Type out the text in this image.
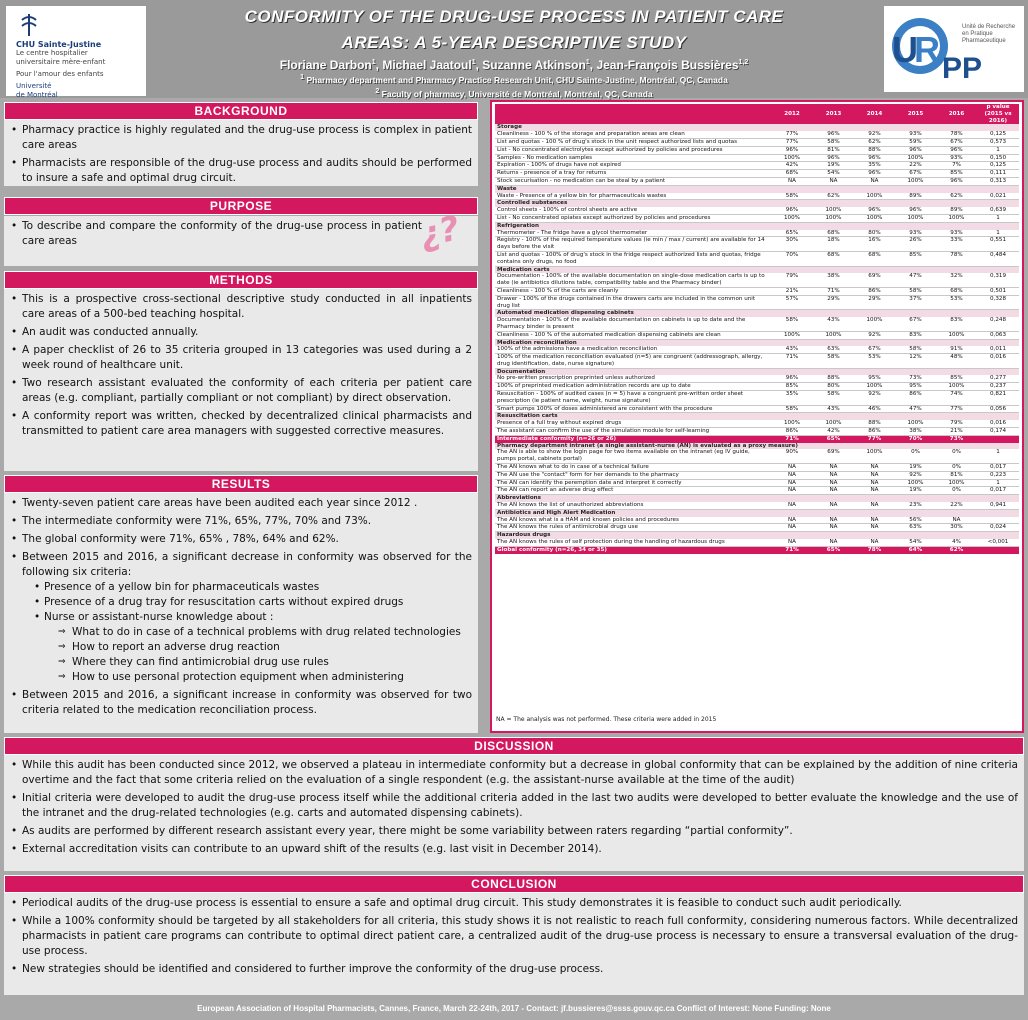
CHU Sainte-Justine
Le centre hospitalier
universitaire mère-enfant
Pour l'amour des enfants
Université
de Montréal
CONFORMITY OF THE DRUG-USE PROCESS IN PATIENT CARE
AREAS: A 5-YEAR DESCRIPTIVE STUDY
Floriane Darbon$^1$, Michael Jaatoul$^1$, Suzanne Atkinson$^1$, Jean-François Bussières$^{1,2}$
$^1$ Pharmacy department and Pharmacy Practice Research Unit, CHU Sainte-Justine, Montréal, QC, Canada
$^2$ Faculty of pharmacy, Université de Montréal, Montréal, QC, Canada
U
R PP
Unité de Recherche
en Pratique
Pharmaceutique
BACKGROUND
• Pharmacy practice is highly regulated and the drug-use process is complex in patient care areas
• Pharmacists are responsible of the drug-use process and audits should be performed to insure a safe and optimal drug circuit.
PURPOSE
• To describe and compare the conformity of the drug-use process in patient care areas	¿?
METHODS
• This is a prospective cross-sectional descriptive study conducted in all inpatients care areas of a 500-bed teaching hospital.
• An audit was conducted annually.
• A paper checklist of 26 to 35 criteria grouped in 13 categories was used during a 2 week round of healthcare unit.
• Two research assistant evaluated the conformity of each criteria per patient care areas (e.g. compliant, partially compliant or not compliant) by direct observation.
• A conformity report was written, checked by decentralized clinical pharmacists and transmitted to patient care area managers with suggested corrective measures.
RESULTS
• Twenty-seven patient care areas have been audited each year since 2012 .
• The intermediate conformity were 71%, 65%, 77%, 70% and 73%.
• The global conformity were 71%, 65% , 78%, 64% and 62%.
• Between 2015 and 2016, a significant decrease in conformity was observed for the following six criteria:
• Presence of a yellow bin for pharmaceuticals wastes
• Presence of a drug tray for resuscitation carts without expired drugs
• Nurse or assistant-nurse knowledge about :
⇒ What to do in case of a technical problems with drug related technologies
⇒ How to report an adverse drug reaction
⇒ Where they can find antimicrobial drug use rules
⇒ How to use personal protection equipment when administering
• Between 2015 and 2016, a significant increase in conformity was observed for two criteria related to the medication reconciliation process.
	2012	2013	2014	2015	2016	p value (2015 vs 2016)
Storage						
Cleanliness - 100 % of the storage and preparation areas are clean	77%	96%	92%	93%	78%	0,125
List and quotas - 100 % of drug's stock in the unit respect authorized lists and quotas	77%	58%	62%	59%	67%	0,573
List - No concentrated electrolytes except authorized by policies and procedures	96%	81%	88%	96%	96%	1
Samples - No medication samples	100%	96%	96%	100%	93%	0,150
Expiration - 100% of drugs have not expired	42%	19%	35%	22%	7%	0,125
Returns - presence of a tray for returns	68%	54%	96%	67%	85%	0,111
Stock securisation - no medication can be steal by a patient	NA	NA	NA	100%	96%	0,313
Waste						
Waste - Presence of a yellow bin for pharmaceuticals wastes	58%	62%	100%	89%	62%	0,021
Controlled substances						
Control sheets - 100% of control sheets are active	96%	100%	96%	96%	89%	0,639
List - No concentrated opiates except authorized by policies and procedures	100%	100%	100%	100%	100%	1
Refrigeration						
Thermometer - The fridge have a glycol thermometer	65%	68%	80%	93%	93%	1
Registry - 100% of the required temperature values (ie min / max / current) are available for 14 days before the visit	30%	18%	16%	26%	33%	0,551
List and quotas - 100% of drug's stock in the fridge respect authorized lists and quotas, fridge contains only drugs, no food	70%	68%	68%	85%	78%	0,484
Medication carts						
Documentation - 100% of the available documentation on single-dose medication carts is up to date (ie antibiotics dilutions table, compatibility table and the Pharmacy binder)	79%	38%	69%	47%	32%	0,319
Cleanliness - 100 % of the carts are cleanly	21%	71%	86%	58%	68%	0,501
Drawer - 100% of the drugs contained in the drawers carts are included in the common unit drug list	57%	29%	29%	37%	53%	0,328
Automated medication dispensing cabinets						
Documentation - 100% of the available documentation on cabinets is up to date and the Pharmacy binder is present	58%	43%	100%	67%	83%	0,248
Cleanliness - 100 % of the automated medication dispensing cabinets are clean	100%	100%	92%	83%	100%	0,063
Medication reconciliation						
100% of the admissions have a medication reconciliation	43%	63%	67%	58%	91%	0,011
100% of the medication reconciliation evaluated (n=5) are congruent (addressograph, allergy, drug identification, date, nurse signature)	71%	58%	53%	12%	48%	0,016
Documentation						
No pre-written prescription preprinted unless authorized	96%	88%	95%	73%	85%	0,277
100% of preprinted medication administration records are up to date	85%	80%	100%	95%	100%	0,237
Resuscitation - 100% of audited cases (n = 5) have a congruent pre-written order sheet prescription (ie patient name, weight, nurse signature)	35%	58%	92%	86%	74%	0,821
Smart pumps 100% of doses administered are consistent with the procedure	58%	43%	46%	47%	77%	0,056
Resuscitation carts						
Presence of a full tray without expired drugs	100%	100%	88%	100%	79%	0,016
The assistant can confirm the use of the simulation module for self-learning	86%	42%	86%	38%	21%	0,174
Intermediate conformity (n=26 or 26)	71%	65%	77%	70%	73%	
Pharmacy department intranet (a single assistant-nurse (AN) is evaluated as a proxy measure)						
The AN is able to show the login page for two items available on the intranet (eg IV guide, pumps portal, cabinets portal)	90%	69%	100%	0%	0%	1
The AN knows what to do in case of a technical failure	NA	NA	NA	19%	0%	0,017
The AN use the "contact" form for her demands to the pharmacy	NA	NA	NA	92%	81%	0,223
The AN can identify the peremption date and interpret it correctly	NA	NA	NA	100%	100%	1
The AN can report an adverse drug effect	NA	NA	NA	19%	0%	0,017
Abbreviations						
The AN knows the list of unauthorized abbreviations	NA	NA	NA	23%	22%	0,941
Antibiotics and High Alert Medication						
The AN knows what is a HAM and known policies and procedures	NA	NA	NA	56%	NA	
The AN knows the rules of antimicrobial drugs use	NA	NA	NA	63%	30%	0,024
Hazardous drugs						
The AN knows the rules of self protection during the handling of hazardous drugs	NA	NA	NA	54%	4%	<0,001
Global conformity (n=26, 34 or 35)	71%	65%	78%	64%	62%	
NA = The analysis was not performed. These criteria were added in 2015
DISCUSSION
• While this audit has been conducted since 2012, we observed a plateau in intermediate conformity but a decrease in global conformity that can be explained by the addition of nine criteria overtime and the fact that some criteria relied on the evaluation of a single respondent (e.g. the assistant-nurse available at the time of the audit)
• Initial criteria were developed to audit the drug-use process itself while the additional criteria added in the last two audits were developed to better evaluate the knowledge and the use of the intranet and the drug-related technologies (e.g. carts and automated dispensing cabinets).
• As audits are performed by different research assistant every year, there might be some variability between raters regarding “partial conformity”.
• External accreditation visits can contribute to an upward shift of the results (e.g. last visit in December 2014).
CONCLUSION
• Periodical audits of the drug-use process is essential to ensure a safe and optimal drug circuit. This study demonstrates it is feasible to conduct such audit periodically.
• While a 100% conformity should be targeted by all stakeholders for all criteria, this study shows it is not realistic to reach full conformity, considering numerous factors. While decentralized pharmacists in patient care programs can contribute to optimal direct patient care, a centralized audit of the drug-use process is necessary to ensure a transversal evaluation of the drug-use process.
• New strategies should be identified and considered to further improve the conformity of the drug-use process.
European Association of Hospital Pharmacists, Cannes, France, March 22-24th, 2017 - Contact: jf.bussieres@ssss.gouv.qc.ca Conflict of Interest: None Funding: None
